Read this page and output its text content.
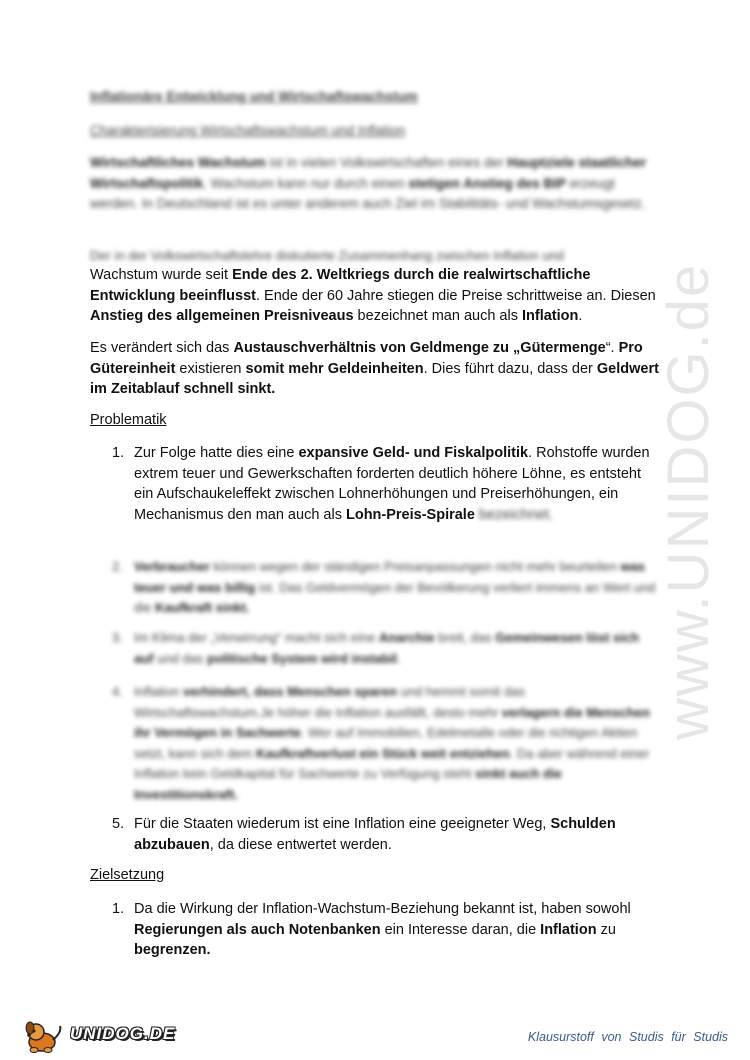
www.UNIDOG.de
Inflationäre Entwicklung und Wirtschaftswachstum
Charakterisierung Wirtschaftswachstum und Inflation

Wirtschaftliches Wachstum ist in vielen Volkswirtschaften eines der Hauptziele staatlicher Wirtschaftspolitik. Wachstum kann nur durch einen stetigen Anstieg des BIP erzeugt werden. In Deutschland ist es unter anderem auch Ziel im Stabilitäts- und Wachstumsgesetz.

Der in der Volkswirtschaftslehre diskutierte Zusammenhang zwischen Inflation und

Wachstum wurde seit Ende des 2. Weltkriegs durch die realwirtschaftliche Entwicklung beeinflusst. Ende der 60 Jahre stiegen die Preise schrittweise an. Diesen Anstieg des allgemeinen Preisniveaus bezeichnet man auch als Inflation.

Es verändert sich das Austauschverhältnis von Geldmenge zu „Gütermenge“. Pro Gütereinheit existieren somit mehr Geldeinheiten. Dies führt dazu, dass der Geldwert im Zeitablauf schnell sinkt.

Problematik
1. Zur Folge hatte dies eine expansive Geld- und Fiskalpolitik. Rohstoffe wurden extrem teuer und Gewerkschaften forderten deutlich höhere Löhne, es entsteht ein Aufschaukeleffekt zwischen Lohnerhöhungen und Preiserhöhungen, ein Mechanismus den man auch als Lohn-Preis-Spirale bezeichnet.
2. Verbraucher können wegen der ständigen Preisanpassungen nicht mehr beurteilen was teuer und was billig ist. Das Geldvermögen der Bevölkerung verliert immens an Wert und die Kaufkraft sinkt.
3. Im Klima der „Verwirrung“ macht sich eine Anarchie breit, das Gemeinwesen löst sich auf und das politische System wird instabil.
4. Inflation verhindert, dass Menschen sparen und hemmt somit das Wirtschaftswachstum.Je höher die Inflation ausfällt, desto mehr verlagern die Menschen ihr Vermögen in Sachwerte. Wer auf Immobilien, Edelmetalle oder die richtigen Aktien setzt, kann sich dem Kaufkraftverlust ein Stück weit entziehen. Da aber während einer Inflation kein Geldkapital für Sachwerte zu Verfügung steht sinkt auch die Investitionskraft.
5. Für die Staaten wiederum ist eine Inflation eine geeigneter Weg, Schulden abzubauen, da diese entwertet werden.
Zielsetzung
1. Da die Wirkung der Inflation-Wachstum-Beziehung bekannt ist, haben sowohl Regierungen als auch Notenbanken ein Interesse daran, die Inflation zu begrenzen.
UNIDOG.DE	Klausurstoff von Studis für Studis
